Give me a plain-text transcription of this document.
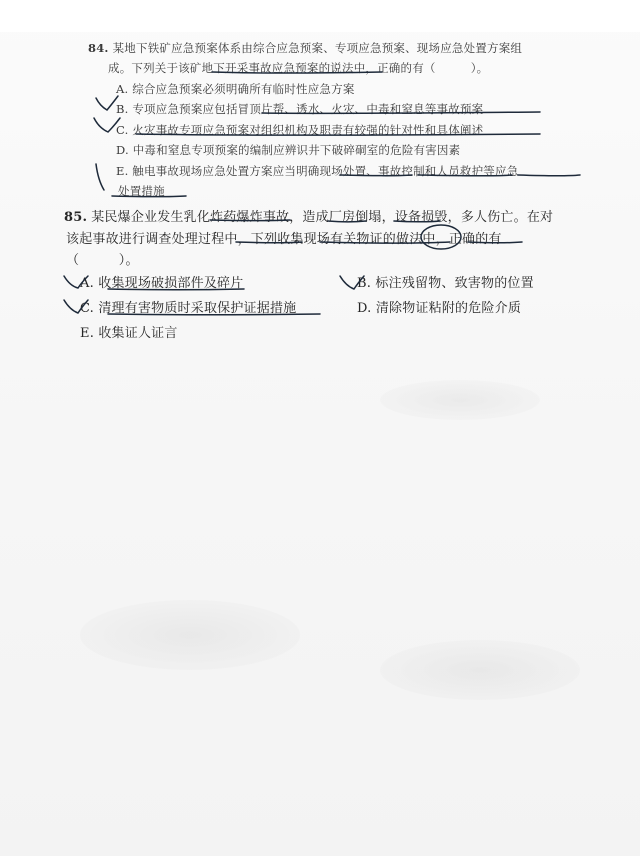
84. 某地下铁矿应急预案体系由综合应急预案、专项应急预案、现场应急处置方案组
成。下列关于该矿地下开采事故应急预案的说法中，正确的有（　　　）。
A. 综合应急预案必须明确所有临时性应急方案
B. 专项应急预案应包括冒顶片帮、透水、火灾、中毒和窒息等事故预案
C. 火灾事故专项应急预案对组织机构及职责有较强的针对性和具体阐述
D. 中毒和窒息专项预案的编制应辨识井下破碎硐室的危险有害因素
E. 触电事故现场应急处置方案应当明确现场处置、事故控制和人员救护等应急
处置措施
85. 某民爆企业发生乳化炸药爆炸事故，造成厂房倒塌，设备损毁，多人伤亡。在对
该起事故进行调查处理过程中，下列收集现场有关物证的做法中，正确的有
（　　　）。
A. 收集现场破损部件及碎片	B. 标注残留物、致害物的位置
C. 清理有害物质时采取保护证据措施	D. 清除物证粘附的危险介质
E. 收集证人证言
